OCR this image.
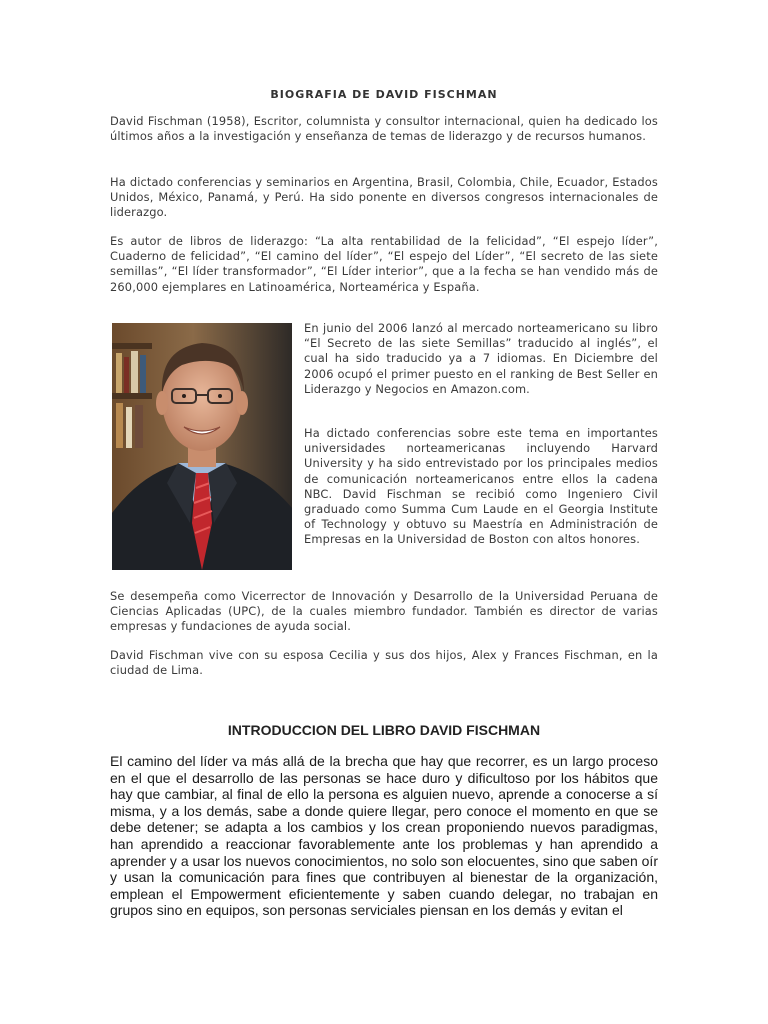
BIOGRAFIA DE DAVID FISCHMAN

David Fischman (1958), Escritor, columnista y consultor internacional, quien ha dedicado los últimos años a la investigación y enseñanza de temas de liderazgo y de recursos humanos.

Ha dictado conferencias y seminarios en Argentina, Brasil, Colombia, Chile, Ecuador, Estados Unidos, México, Panamá, y Perú. Ha sido ponente en diversos congresos internacionales de liderazgo.

Es autor de libros de liderazgo: “La alta rentabilidad de la felicidad”, “El espejo líder”, Cuaderno de felicidad”, “El camino del líder”, “El espejo del Líder”, “El secreto de las siete semillas”, “El líder transformador”, “El Líder interior”, que a la fecha se han vendido más de 260,000 ejemplares en Latinoamérica, Norteamérica y España.

En junio del 2006 lanzó al mercado norteamericano su libro “El Secreto de las siete Semillas” traducido al inglés”, el cual ha sido traducido ya a 7 idiomas. En Diciembre del 2006 ocupó el primer puesto en el ranking de Best Seller en Liderazgo y Negocios en Amazon.com.

Ha dictado conferencias sobre este tema en importantes universidades norteamericanas incluyendo Harvard University y ha sido entrevistado por los principales medios de comunicación norteamericanos entre ellos la cadena NBC. David Fischman se recibió como Ingeniero Civil graduado como Summa Cum Laude en el Georgia Institute of Technology y obtuvo su Maestría en Administración de Empresas en la Universidad de Boston con altos honores.

Se desempeña como Vicerrector de Innovación y Desarrollo de la Universidad Peruana de Ciencias Aplicadas (UPC), de la cuales miembro fundador. También es director de varias empresas y fundaciones de ayuda social.

David Fischman vive con su esposa Cecilia y sus dos hijos, Alex y Frances Fischman, en la ciudad de Lima.

INTRODUCCION DEL LIBRO DAVID FISCHMAN

El camino del líder va más allá de la brecha que hay que recorrer, es un largo proceso en el que el desarrollo de las personas se hace duro y dificultoso por los hábitos que hay que cambiar, al final de ello la persona es alguien nuevo, aprende a conocerse a sí misma, y a los demás, sabe a donde quiere llegar, pero conoce el momento en que se debe detener; se adapta a los cambios y los crean proponiendo nuevos paradigmas, han aprendido a reaccionar favorablemente ante los problemas y han aprendido a aprender y a usar los nuevos conocimientos, no solo son elocuentes, sino que saben oír y usan la comunicación para fines que contribuyen al bienestar de la organización, emplean el Empowerment eficientemente y saben cuando delegar, no trabajan en grupos sino en equipos, son personas serviciales piensan en los demás y evitan el
